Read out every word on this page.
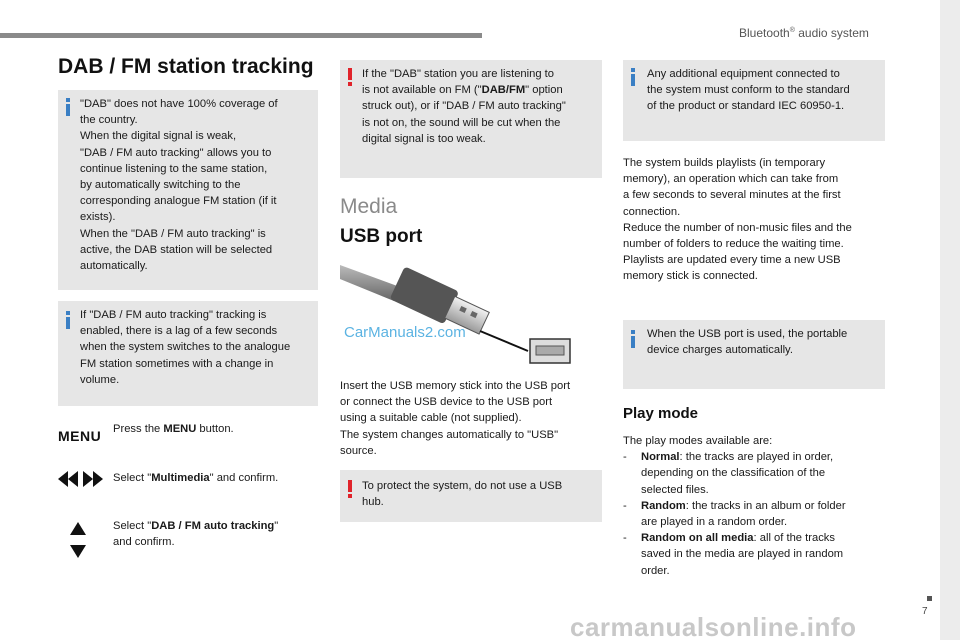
Bluetooth® audio system
DAB / FM station tracking
"DAB" does not have 100% coverage of
the country.
When the digital signal is weak,
"DAB / FM auto tracking" allows you to
continue listening to the same station,
by automatically switching to the
corresponding analogue FM station (if it
exists).
When the "DAB / FM auto tracking" is
active, the DAB station will be selected
automatically.
If "DAB / FM auto tracking" tracking is
enabled, there is a lag of a few seconds
when the system switches to the analogue
FM station sometimes with a change in
volume.
MENU Press the MENU button.
Select "Multimedia" and confirm.
Select "DAB / FM auto tracking"
and confirm.
If the "DAB" station you are listening to
is not available on FM ("DAB/FM" option
struck out), or if "DAB / FM auto tracking"
is not on, the sound will be cut when the
digital signal is too weak.
Media
USB port
CarManuals2.com
Insert the USB memory stick into the USB port
or connect the USB device to the USB port
using a suitable cable (not supplied).
The system changes automatically to "USB"
source.
To protect the system, do not use a USB
hub.
Any additional equipment connected to
the system must conform to the standard
of the product or standard IEC 60950-1.
The system builds playlists (in temporary
memory), an operation which can take from
a few seconds to several minutes at the first
connection.
Reduce the number of non-music files and the
number of folders to reduce the waiting time.
Playlists are updated every time a new USB
memory stick is connected.
When the USB port is used, the portable
device charges automatically.
Play mode
The play modes available are:
- Normal: the tracks are played in order,
depending on the classification of the
selected files.
- Random: the tracks in an album or folder
are played in a random order.
- Random on all media: all of the tracks
saved in the media are played in random
order.
7
carmanualsonline.info
